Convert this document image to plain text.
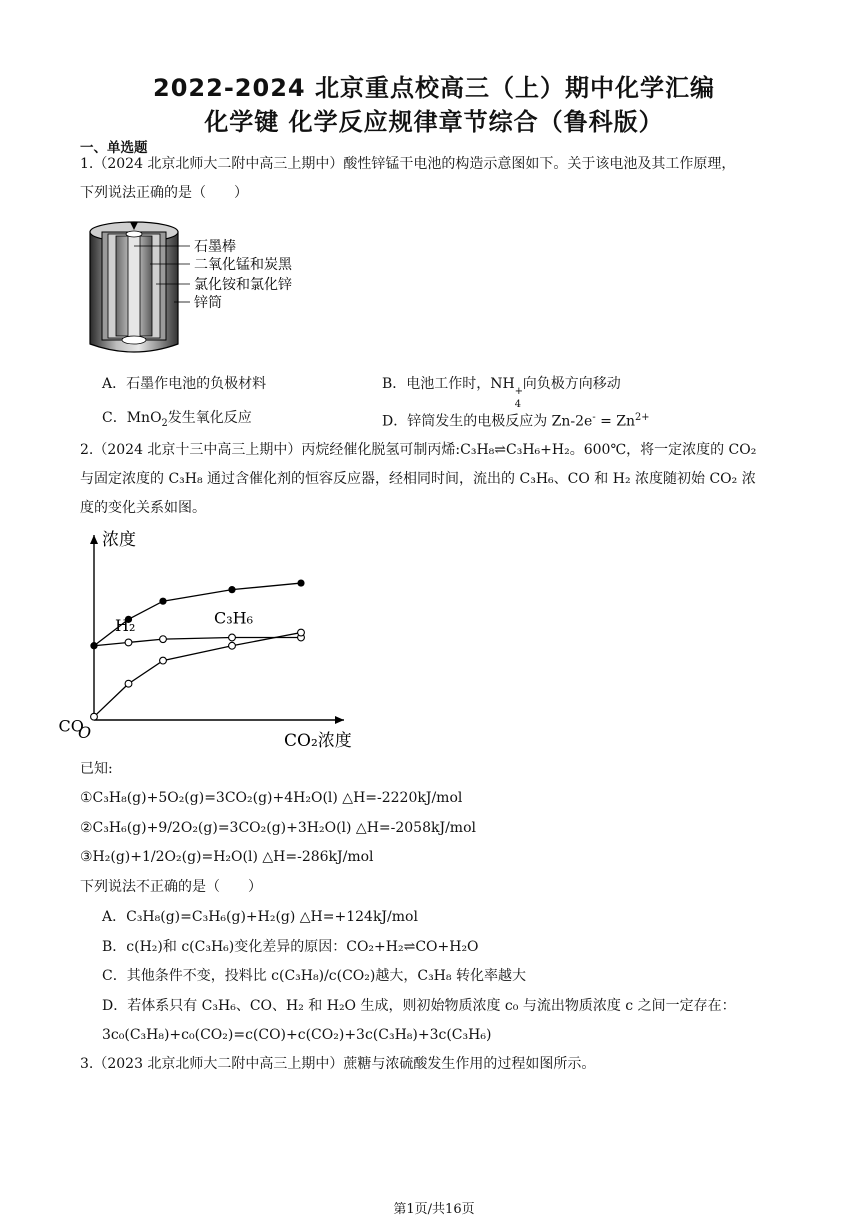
2022-2024 北京重点校高三（上）期中化学汇编
化学键 化学反应规律章节综合（鲁科版）
一、单选题
1.（2024 北京北师大二附中高三上期中）酸性锌锰干电池的构造示意图如下。关于该电池及其工作原理，
下列说法正确的是（　　）
石墨棒
二氧化锰和炭黑
氯化铵和氯化锌
锌筒
A．石墨作电池的负极材料	B．电池工作时，NH +
4
向负极方向移动
C．MnO$_2$发生氧化反应	D．锌筒发生的电极反应为 $Zn-2e^- = Zn^{2+}$
2.（2024 北京十三中高三上期中）丙烷经催化脱氢可制丙烯:C₃H₈⇌C₃H₆+H₂。600℃，将一定浓度的 CO₂
与固定浓度的 C₃H₈ 通过含催化剂的恒容反应器，经相同时间，流出的 C₃H₆、CO 和 H₂ 浓度随初始 CO₂ 浓
度的变化关系如图。
浓度
CO₂浓度
O
C₃H₆
H₂
CO
已知:
①C₃H₈(g)+5O₂(g)=3CO₂(g)+4H₂O(l) △H=-2220kJ/mol
②C₃H₆(g)+9/2O₂(g)=3CO₂(g)+3H₂O(l) △H=-2058kJ/mol
③H₂(g)+1/2O₂(g)=H₂O(l) △H=-286kJ/mol
下列说法不正确的是（　　）
A．C₃H₈(g)=C₃H₆(g)+H₂(g) △H=+124kJ/mol
B．c(H₂)和 c(C₃H₆)变化差异的原因：CO₂+H₂⇌CO+H₂O
C．其他条件不变，投料比 c(C₃H₈)/c(CO₂)越大，C₃H₈ 转化率越大
D．若体系只有 C₃H₆、CO、H₂ 和 H₂O 生成，则初始物质浓度 c₀ 与流出物质浓度 c 之间一定存在：
3c₀(C₃H₈)+c₀(CO₂)=c(CO)+c(CO₂)+3c(C₃H₈)+3c(C₃H₆)
3.（2023 北京北师大二附中高三上期中）蔗糖与浓硫酸发生作用的过程如图所示。
第1页/共16页
